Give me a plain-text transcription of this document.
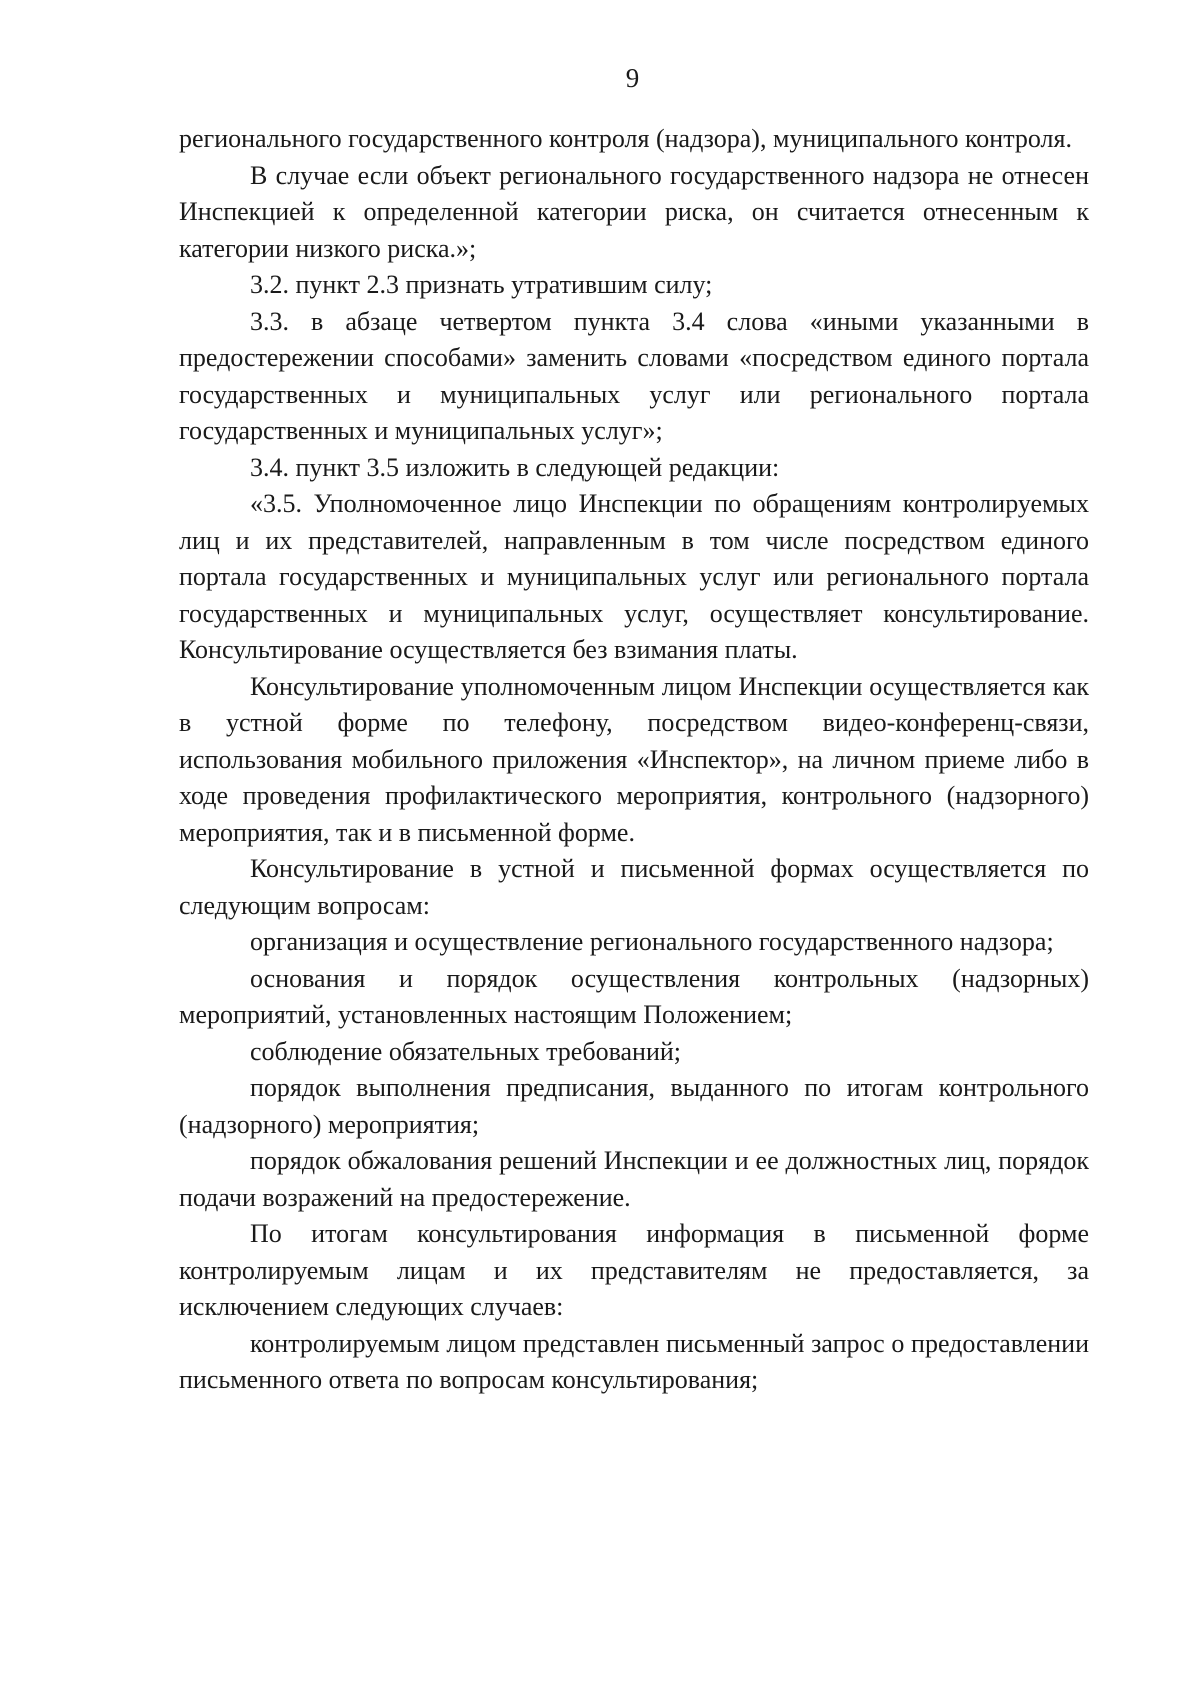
9

регионального государственного контроля (надзора), муниципального контроля.

В случае если объект регионального государственного надзора не отнесен Инспекцией к определенной категории риска, он считается отнесенным к категории низкого риска.»;

3.2. пункт 2.3 признать утратившим силу;

3.3. в абзаце четвертом пункта 3.4 слова «иными указанными в предостережении способами» заменить словами «посредством единого портала государственных и муниципальных услуг или регионального портала государственных и муниципальных услуг»;

3.4. пункт 3.5 изложить в следующей редакции:

«3.5. Уполномоченное лицо Инспекции по обращениям контролируемых лиц и их представителей, направленным в том числе посредством единого портала государственных и муниципальных услуг или регионального портала государственных и муниципальных услуг, осуществляет консультирование. Консультирование осуществляется без взимания платы.

Консультирование уполномоченным лицом Инспекции осуществляется как в устной форме по телефону, посредством видео-конференц-связи, использования мобильного приложения «Инспектор», на личном приеме либо в ходе проведения профилактического мероприятия, контрольного (надзорного) мероприятия, так и в письменной форме.

Консультирование в устной и письменной формах осуществляется по следующим вопросам:

организация и осуществление регионального государственного надзора;

основания и порядок осуществления контрольных (надзорных) мероприятий, установленных настоящим Положением;

соблюдение обязательных требований;

порядок выполнения предписания, выданного по итогам контрольного (надзорного) мероприятия;

порядок обжалования решений Инспекции и ее должностных лиц, порядок подачи возражений на предостережение.

По итогам консультирования информация в письменной форме контролируемым лицам и их представителям не предоставляется, за исключением следующих случаев:

контролируемым лицом представлен письменный запрос о предоставлении письменного ответа по вопросам консультирования;
